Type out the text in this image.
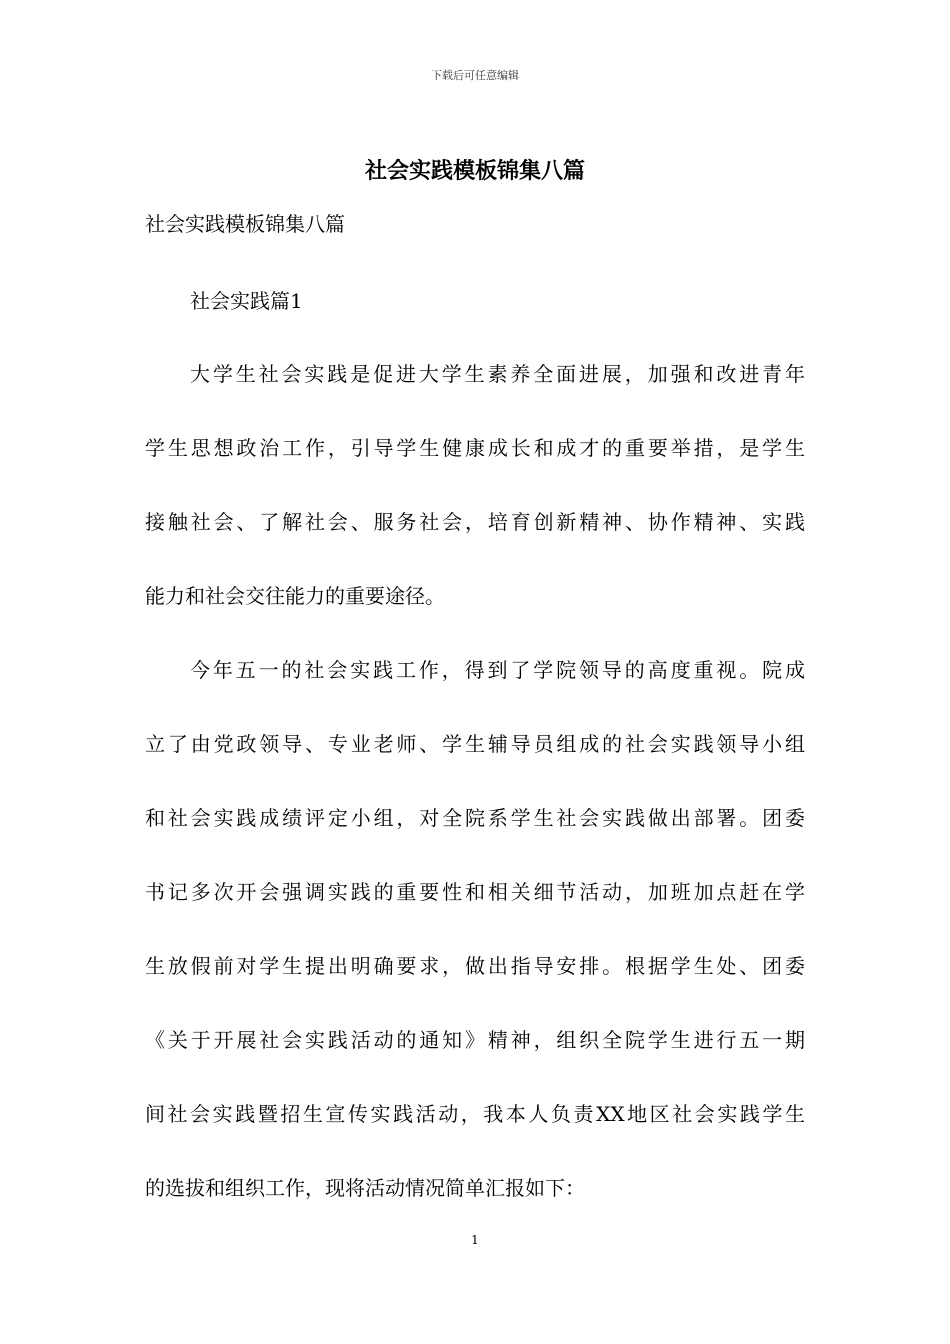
下载后可任意编辑
社会实践模板锦集八篇

社会实践模板锦集八篇

社会实践篇1

大学生社会实践是促进大学生素养全面进展，加强和改进青年
学生思想政治工作，引导学生健康成长和成才的重要举措，是学生
接触社会、了解社会、服务社会，培育创新精神、协作精神、实践
能力和社会交往能力的重要途径。
今年五一的社会实践工作，得到了学院领导的高度重视。院成
立了由党政领导、专业老师、学生辅导员组成的社会实践领导小组
和社会实践成绩评定小组，对全院系学生社会实践做出部署。团委
书记多次开会强调实践的重要性和相关细节活动，加班加点赶在学
生放假前对学生提出明确要求，做出指导安排。根据学生处、团委
《关于开展社会实践活动的通知》精神，组织全院学生进行五一期
间社会实践暨招生宣传实践活动，我本人负责XX地区社会实践学生
的选拔和组织工作，现将活动情况简单汇报如下：
1
